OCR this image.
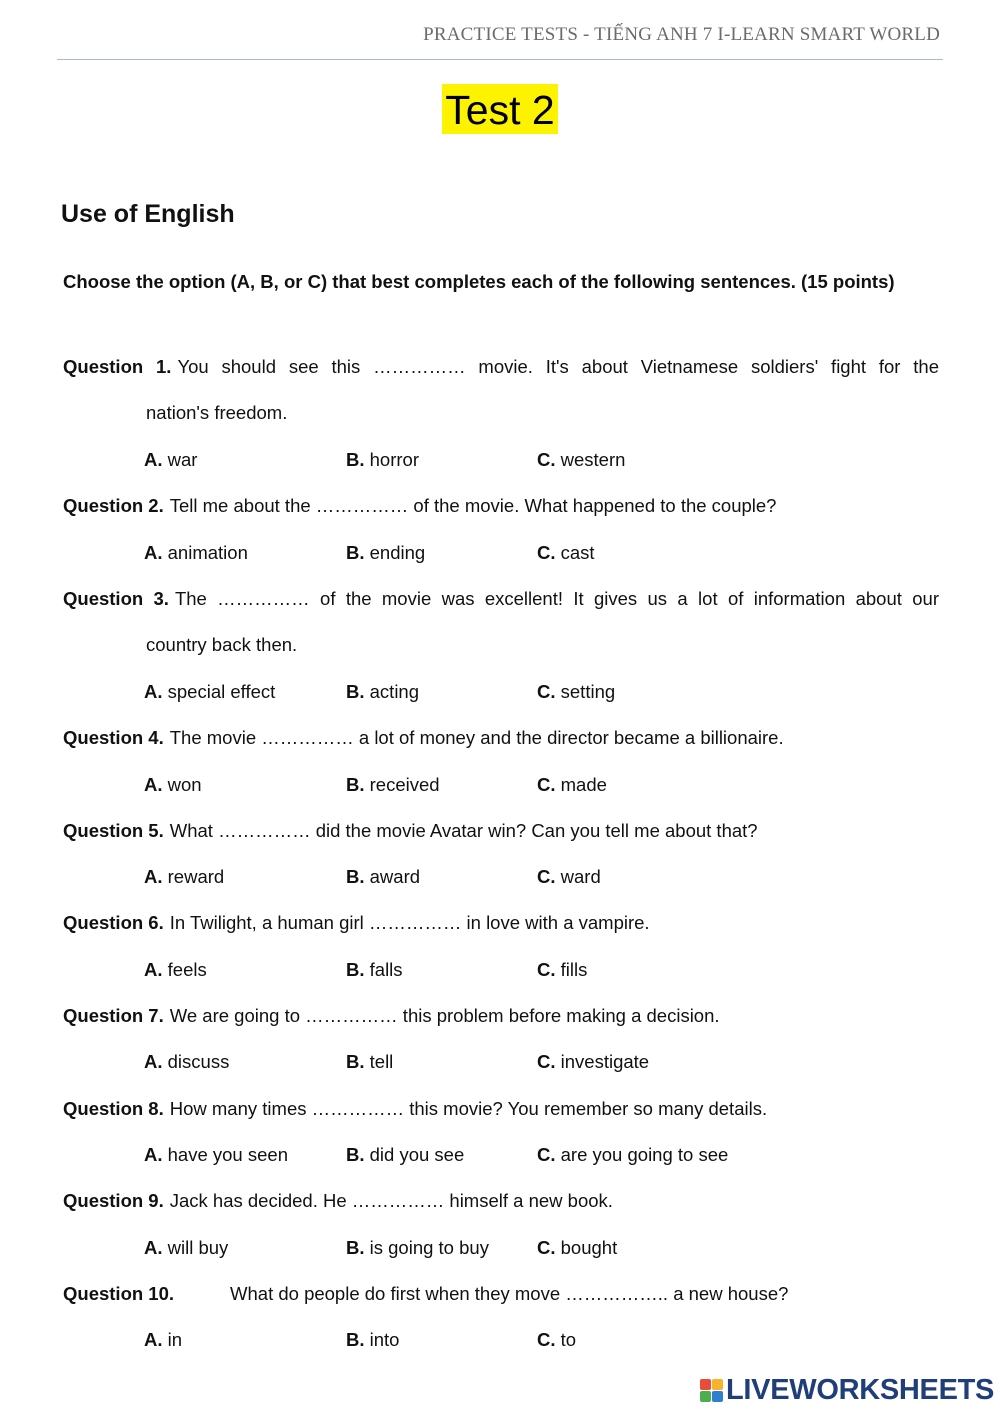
PRACTICE TESTS - TIẾNG ANH 7 I-LEARN SMART WORLD
Test 2
Use of English
Choose the option (A, B, or C) that best completes each of the following sentences. (15 points)
Question 1. You should see this …………… movie. It's about Vietnamese soldiers' fight for the
nation's freedom.
A. war	B. horror	C. western
Question 2. Tell me about the …………… of the movie. What happened to the couple?
A. animation	B. ending	C. cast
Question 3. The …………… of the movie was excellent! It gives us a lot of information about our
country back then.
A. special effect	B. acting	C. setting
Question 4. The movie …………… a lot of money and the director became a billionaire.
A. won	B. received	C. made
Question 5. What …………… did the movie Avatar win? Can you tell me about that?
A. reward	B. award	C. ward
Question 6. In Twilight, a human girl …………… in love with a vampire.
A. feels	B. falls	C. fills
Question 7. We are going to …………… this problem before making a decision.
A. discuss	B. tell	C. investigate
Question 8. How many times …………… this movie? You remember so many details.
A. have you seen	B. did you see	C. are you going to see
Question 9. Jack has decided. He …………… himself a new book.
A. will buy	B. is going to buy	C. bought
Question 10.	What do people do first when they move …………….. a new house?
A. in	B. into	C. to
LIVEWORKSHEETS
